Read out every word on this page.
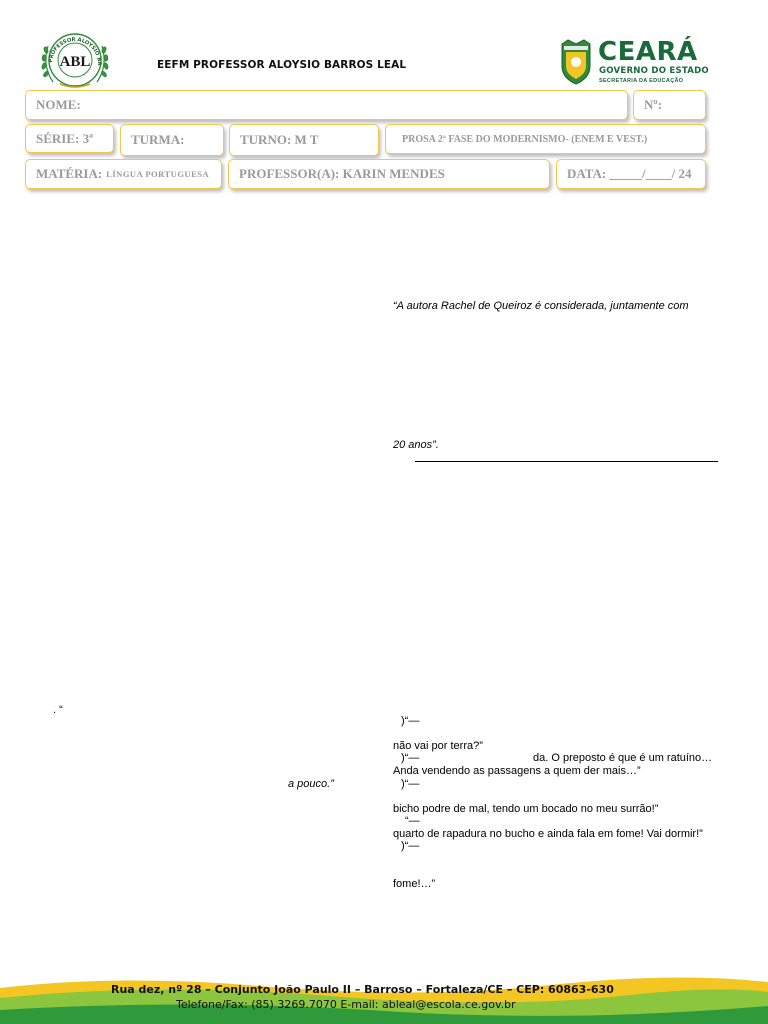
PROFESSOR ALOYSIO BA
ABL	EEFM PROFESSOR ALOYSIO BARROS LEAL	CEARÁ
GOVERNO DO ESTADO
SECRETARIA DA EDUCAÇÃO
NOME:	Nº:
SÉRIE: 3ª	TURMA:	TURNO: M T	PROSA 2ª FASE DO MODERNISMO- (ENEM E VEST.)
MATÉRIA: LÍNGUA PORTUGUESA PROFESSOR(A): KARIN MENDES	DATA: _____/____/ 24
“A autora Rachel de Queiroz é considerada, juntamente com
20 anos”.
. “
a pouco.”
)“—
não vai por terra?”
)“—	da. O preposto é que é um ratuíno…
Anda vendendo as passagens a quem der mais…”
)“—
bicho podre de mal, tendo um bocado no meu surrão!”
“—
quarto de rapadura no bucho e ainda fala em fome! Vai dormir!”
)“—
fome!…”
Rua dez, nº 28 – Conjunto João Paulo II – Barroso – Fortaleza/CE – CEP: 60863-630
Telefone/Fax: (85) 3269.7070 E-mail: ableal@escola.ce.gov.br
